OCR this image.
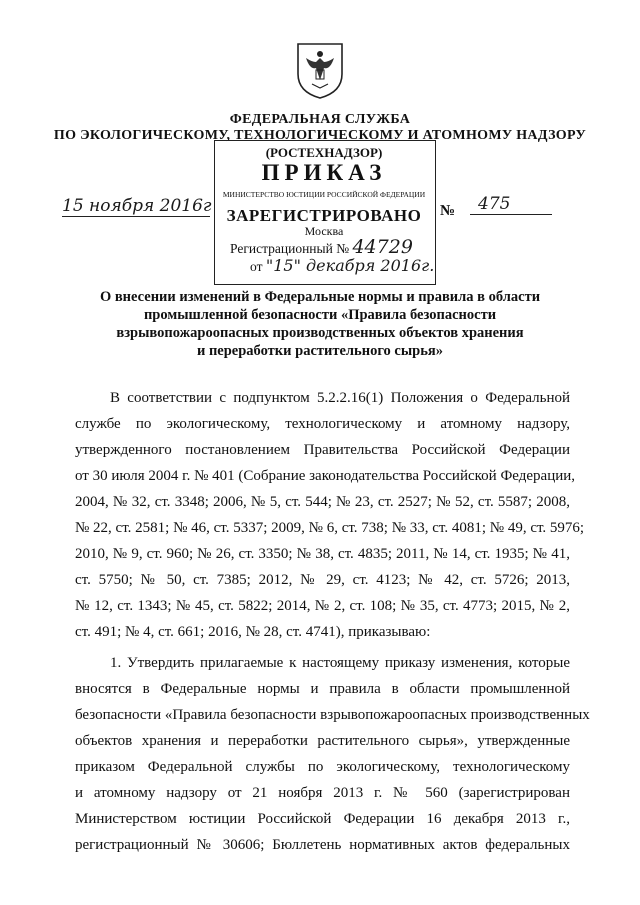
ФЕДЕРАЛЬНАЯ СЛУЖБА
ПО ЭКОЛОГИЧЕСКОМУ, ТЕХНОЛОГИЧЕСКОМУ И АТОМНОМУ НАДЗОРУ
(РОСТЕХНАДЗОР)
ПРИКАЗ
МИНИСТЕРСТВО ЮСТИЦИИ РОССИЙСКОЙ ФЕДЕРАЦИИ
ЗАРЕГИСТРИРОВАНО
Москва
Регистрационный № 44729
от "15" декабря 2016г.
15 ноября 2016г	№	475
О внесении изменений в Федеральные нормы и правила в области
промышленной безопасности «Правила безопасности
взрывопожароопасных производственных объектов хранения
и переработки растительного сырья»
В соответствии с подпунктом 5.2.2.16(1) Положения о Федеральной
службе по экологическому, технологическому и атомному надзору,
утвержденного постановлением Правительства Российской Федерации
от 30 июля 2004 г. № 401 (Собрание законодательства Российской Федерации,
2004, № 32, ст. 3348; 2006, № 5, ст. 544; № 23, ст. 2527; № 52, ст. 5587; 2008,
№ 22, ст. 2581; № 46, ст. 5337; 2009, № 6, ст. 738; № 33, ст. 4081; № 49, ст. 5976;
2010, № 9, ст. 960; № 26, ст. 3350; № 38, ст. 4835; 2011, № 14, ст. 1935; № 41,
ст. 5750; № 50, ст. 7385; 2012, № 29, ст. 4123; № 42, ст. 5726; 2013,
№ 12, ст. 1343; № 45, ст. 5822; 2014, № 2, ст. 108; № 35, ст. 4773; 2015, № 2,
ст. 491; № 4, ст. 661; 2016, № 28, ст. 4741), приказываю:
1. Утвердить прилагаемые к настоящему приказу изменения, которые
вносятся в Федеральные нормы и правила в области промышленной
безопасности «Правила безопасности взрывопожароопасных производственных
объектов хранения и переработки растительного сырья», утвержденные
приказом Федеральной службы по экологическому, технологическому
и атомному надзору от 21 ноября 2013 г. № 560 (зарегистрирован
Министерством юстиции Российской Федерации 16 декабря 2013 г.,
регистрационный № 30606; Бюллетень нормативных актов федеральных
